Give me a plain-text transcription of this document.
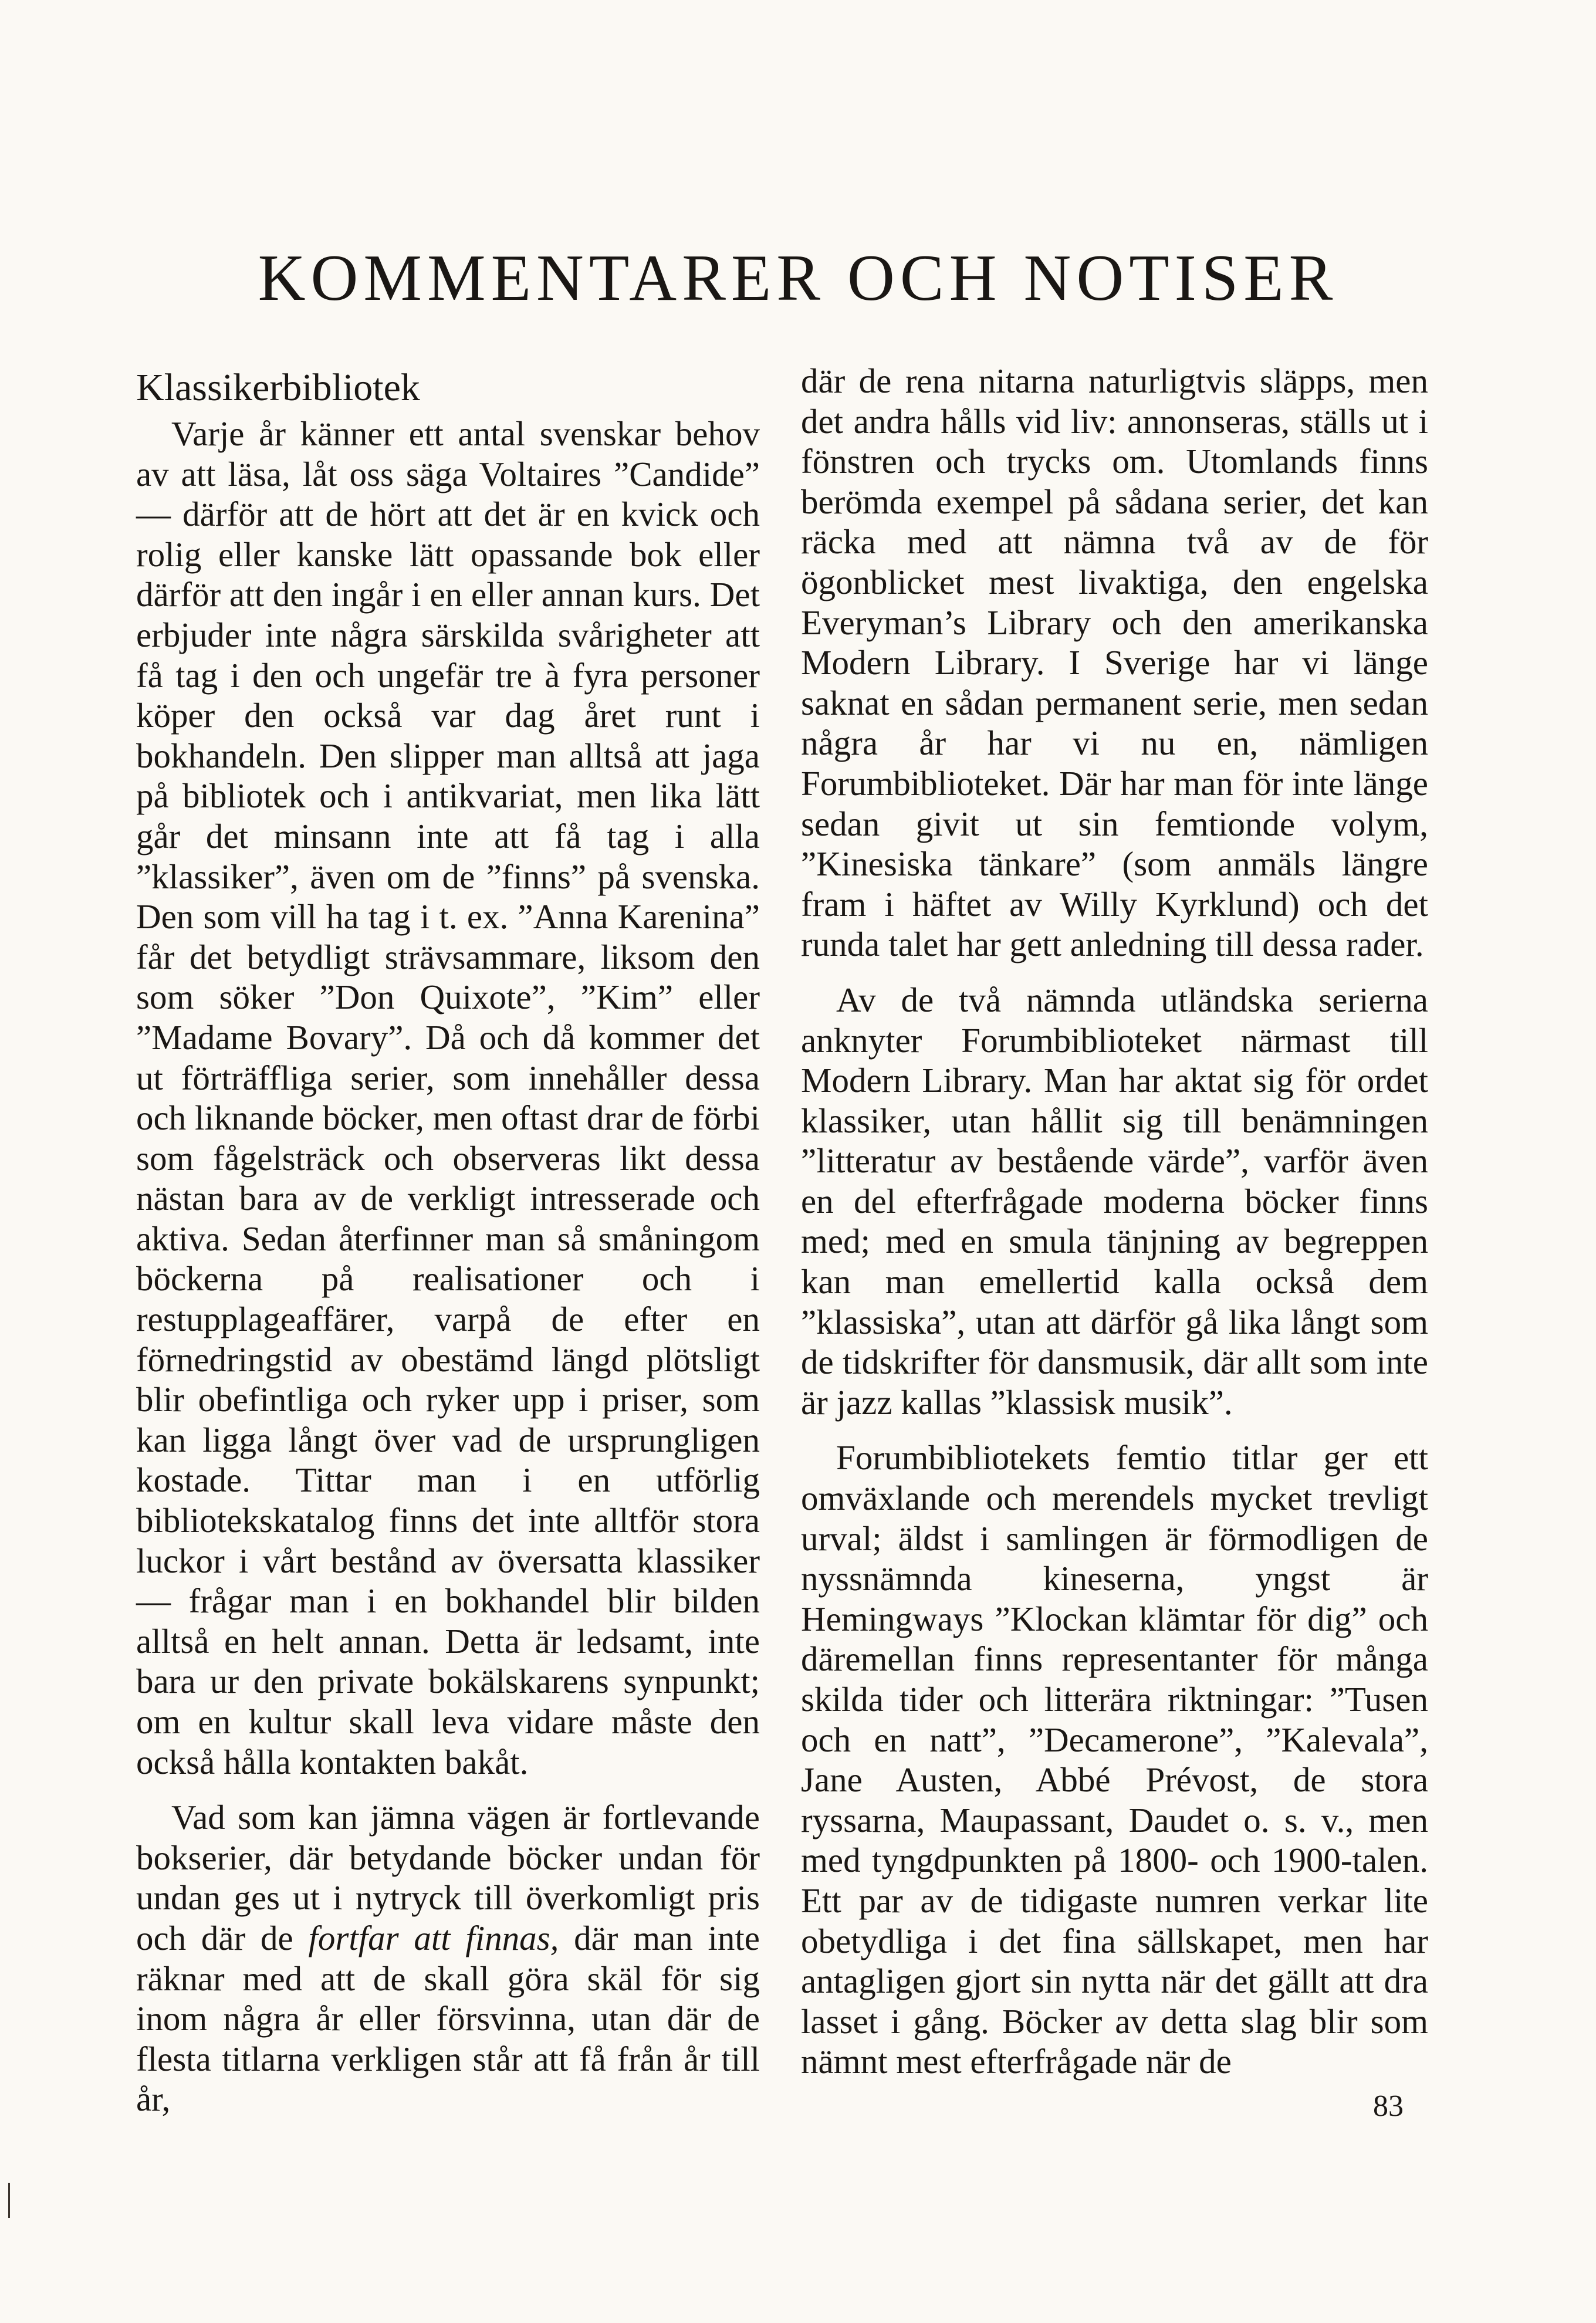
KOMMENTARER OCH NOTISER
Klassikerbibliotek

Varje år känner ett antal svenskar behov av att läsa, låt oss säga Voltaires ”Candide” — därför att de hört att det är en kvick och rolig eller kanske lätt opassande bok eller därför att den ingår i en eller annan kurs. Det erbjuder inte några särskilda svårigheter att få tag i den och ungefär tre à fyra personer köper den också var dag året runt i bokhandeln. Den slipper man alltså att jaga på bibliotek och i antikvariat, men lika lätt går det minsann inte att få tag i alla ”klassiker”, även om de ”finns” på svenska. Den som vill ha tag i t. ex. ”Anna Karenina” får det betydligt strävsammare, liksom den som söker ”Don Quixote”, ”Kim” eller ”Madame Bovary”. Då och då kommer det ut förträffliga serier, som innehåller dessa och liknande böcker, men oftast drar de förbi som fågelsträck och observeras likt dessa nästan bara av de verkligt intresserade och aktiva. Sedan återfinner man så småningom böckerna på realisationer och i restupplageaffärer, varpå de efter en förnedringstid av obestämd längd plötsligt blir obefintliga och ryker upp i priser, som kan ligga långt över vad de ursprungligen kostade. Tittar man i en utförlig bibliotekskatalog finns det inte alltför stora luckor i vårt bestånd av översatta klassiker — frågar man i en bokhandel blir bilden alltså en helt annan. Detta är ledsamt, inte bara ur den private bokälskarens synpunkt; om en kultur skall leva vidare måste den också hålla kontakten bakåt.

Vad som kan jämna vägen är fortlevande bokserier, där betydande böcker undan för undan ges ut i nytryck till överkomligt pris och där de fortfar att finnas, där man inte räknar med att de skall göra skäl för sig inom några år eller försvinna, utan där de flesta titlarna verkligen står att få från år till år,

där de rena nitarna naturligtvis släpps, men det andra hålls vid liv: annonseras, ställs ut i fönstren och trycks om. Utomlands finns berömda exempel på sådana serier, det kan räcka med att nämna två av de för ögonblicket mest livaktiga, den engelska Everyman’s Library och den amerikanska Modern Library. I Sverige har vi länge saknat en sådan permanent serie, men sedan några år har vi nu en, nämligen Forumbiblioteket. Där har man för inte länge sedan givit ut sin femtionde volym, ”Kinesiska tänkare” (som anmäls längre fram i häftet av Willy Kyrklund) och det runda talet har gett anledning till dessa rader.

Av de två nämnda utländska serierna anknyter Forumbiblioteket närmast till Modern Library. Man har aktat sig för ordet klassiker, utan hållit sig till benämningen ”litteratur av bestående värde”, varför även en del efterfrågade moderna böcker finns med; med en smula tänjning av begreppen kan man emellertid kalla också dem ”klassiska”, utan att därför gå lika långt som de tidskrifter för dansmusik, där allt som inte är jazz kallas ”klassisk musik”.

Forumbibliotekets femtio titlar ger ett omväxlande och merendels mycket trevligt urval; äldst i samlingen är förmodligen de nyssnämnda kineserna, yngst är Hemingways ”Klockan klämtar för dig” och däremellan finns representanter för många skilda tider och litterära riktningar: ”Tusen och en natt”, ”Decamerone”, ”Kalevala”, Jane Austen, Abbé Prévost, de stora ryssarna, Maupassant, Daudet o. s. v., men med tyngdpunkten på 1800- och 1900-talen. Ett par av de tidigaste numren verkar lite obetydliga i det fina sällskapet, men har antagligen gjort sin nytta när det gällt att dra lasset i gång. Böcker av detta slag blir som nämnt mest efterfrågade när de

83
